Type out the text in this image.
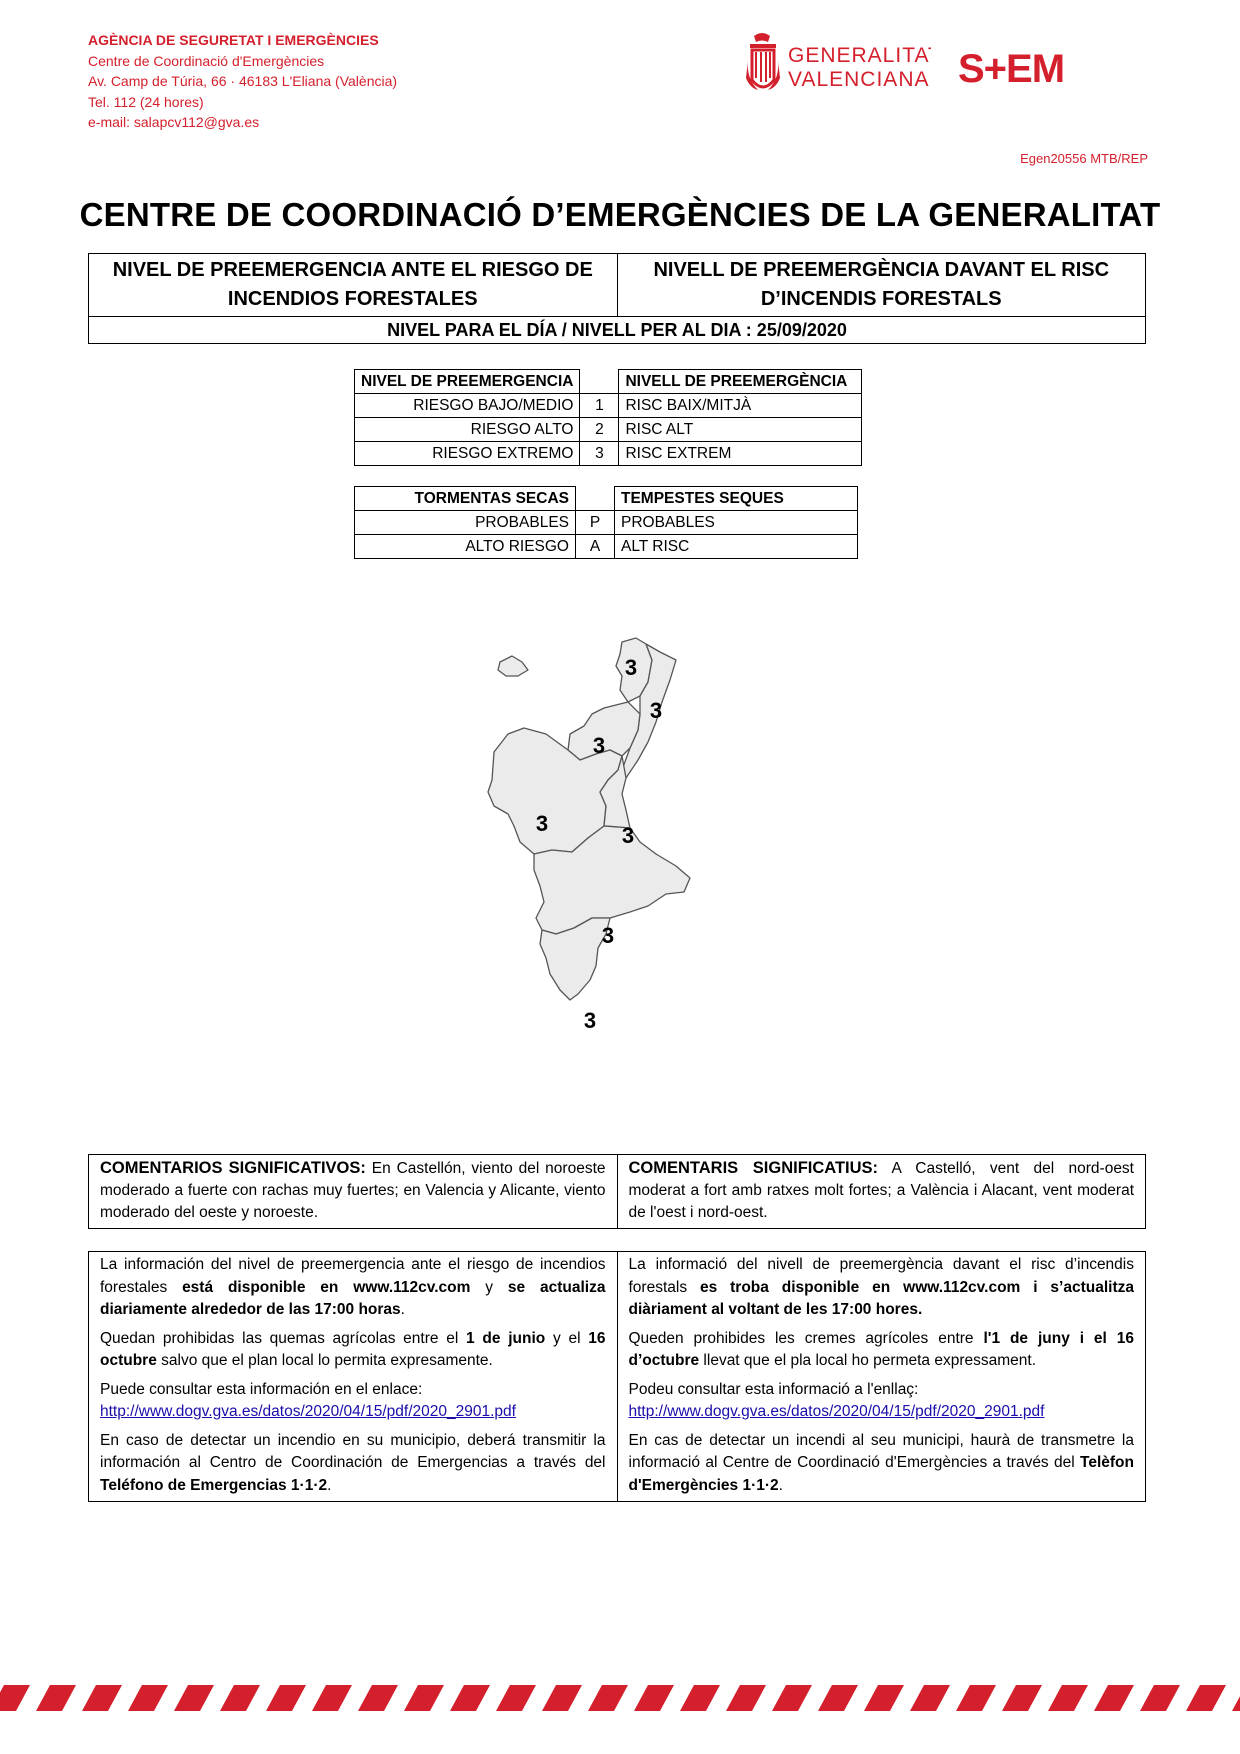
AGÈNCIA DE SEGURETAT I EMERGÈNCIES
Centre de Coordinació d'Emergències
Av. Camp de Túria, 66 · 46183 L'Eliana (València)
Tel. 112 (24 hores)
e-mail: salapcv112@gva.es
GENERALITAT
VALENCIANA S+EM
Egen20556 MTB/REP
CENTRE DE COORDINACIÓ D’EMERGÈNCIES DE LA GENERALITAT
NIVEL DE PREEMERGENCIA ANTE EL RIESGO DE
INCENDIOS FORESTALES

NIVELL DE PREEMERGÈNCIA DAVANT EL RISC
D’INCENDIS FORESTALS

NIVEL PARA EL DÍA / NIVELL PER AL DIA : 25/09/2020
NIVEL DE PREEMERGENCIA		NIVELL DE PREEMERGÈNCIA
RIESGO BAJO/MEDIO	1	RISC BAIX/MITJÀ
RIESGO ALTO	2	RISC ALT
RIESGO EXTREMO	3	RISC EXTREM
TORMENTAS SECAS		TEMPESTES SEQUES
PROBABLES	P	PROBABLES
ALTO RIESGO	A	ALT RISC
3
3
3
3	3
3
3
COMENTARIOS SIGNIFICATIVOS: En Castellón, viento del noroeste moderado a fuerte con rachas muy fuertes; en Valencia y Alicante, viento moderado del oeste y noroeste.	COMENTARIS SIGNIFICATIUS: A Castelló, vent del nord-oest moderat a fort amb ratxes molt fortes; a València i Alacant, vent moderat de l'oest i nord-oest.

La información del nivel de preemergencia ante el riesgo de incendios forestales está disponible en www.112cv.com y se actualiza diariamente alrededor de las 17:00 horas.

Quedan prohibidas las quemas agrícolas entre el 1 de junio y el 16 octubre salvo que el plan local lo permita expresamente.

Puede consultar esta información en el enlace:
http://www.dogv.gva.es/datos/2020/04/15/pdf/2020_2901.pdf

En caso de detectar un incendio en su municipio, deberá transmitir la información al Centro de Coordinación de Emergencias a través del Teléfono de Emergencias 1·1·2.

La informació del nivell de preemergència davant el risc d’incendis forestals es troba disponible en www.112cv.com i s’actualitza diàriament al voltant de les 17:00 hores.

Queden prohibides les cremes agrícoles entre l'1 de juny i el 16 d’octubre llevat que el pla local ho permeta expressament.

Podeu consultar esta informació a l'enllaç:
http://www.dogv.gva.es/datos/2020/04/15/pdf/2020_2901.pdf

En cas de detectar un incendi al seu municipi, haurà de transmetre la informació al Centre de Coordinació d'Emergències a través del Telèfon d'Emergències 1·1·2.
